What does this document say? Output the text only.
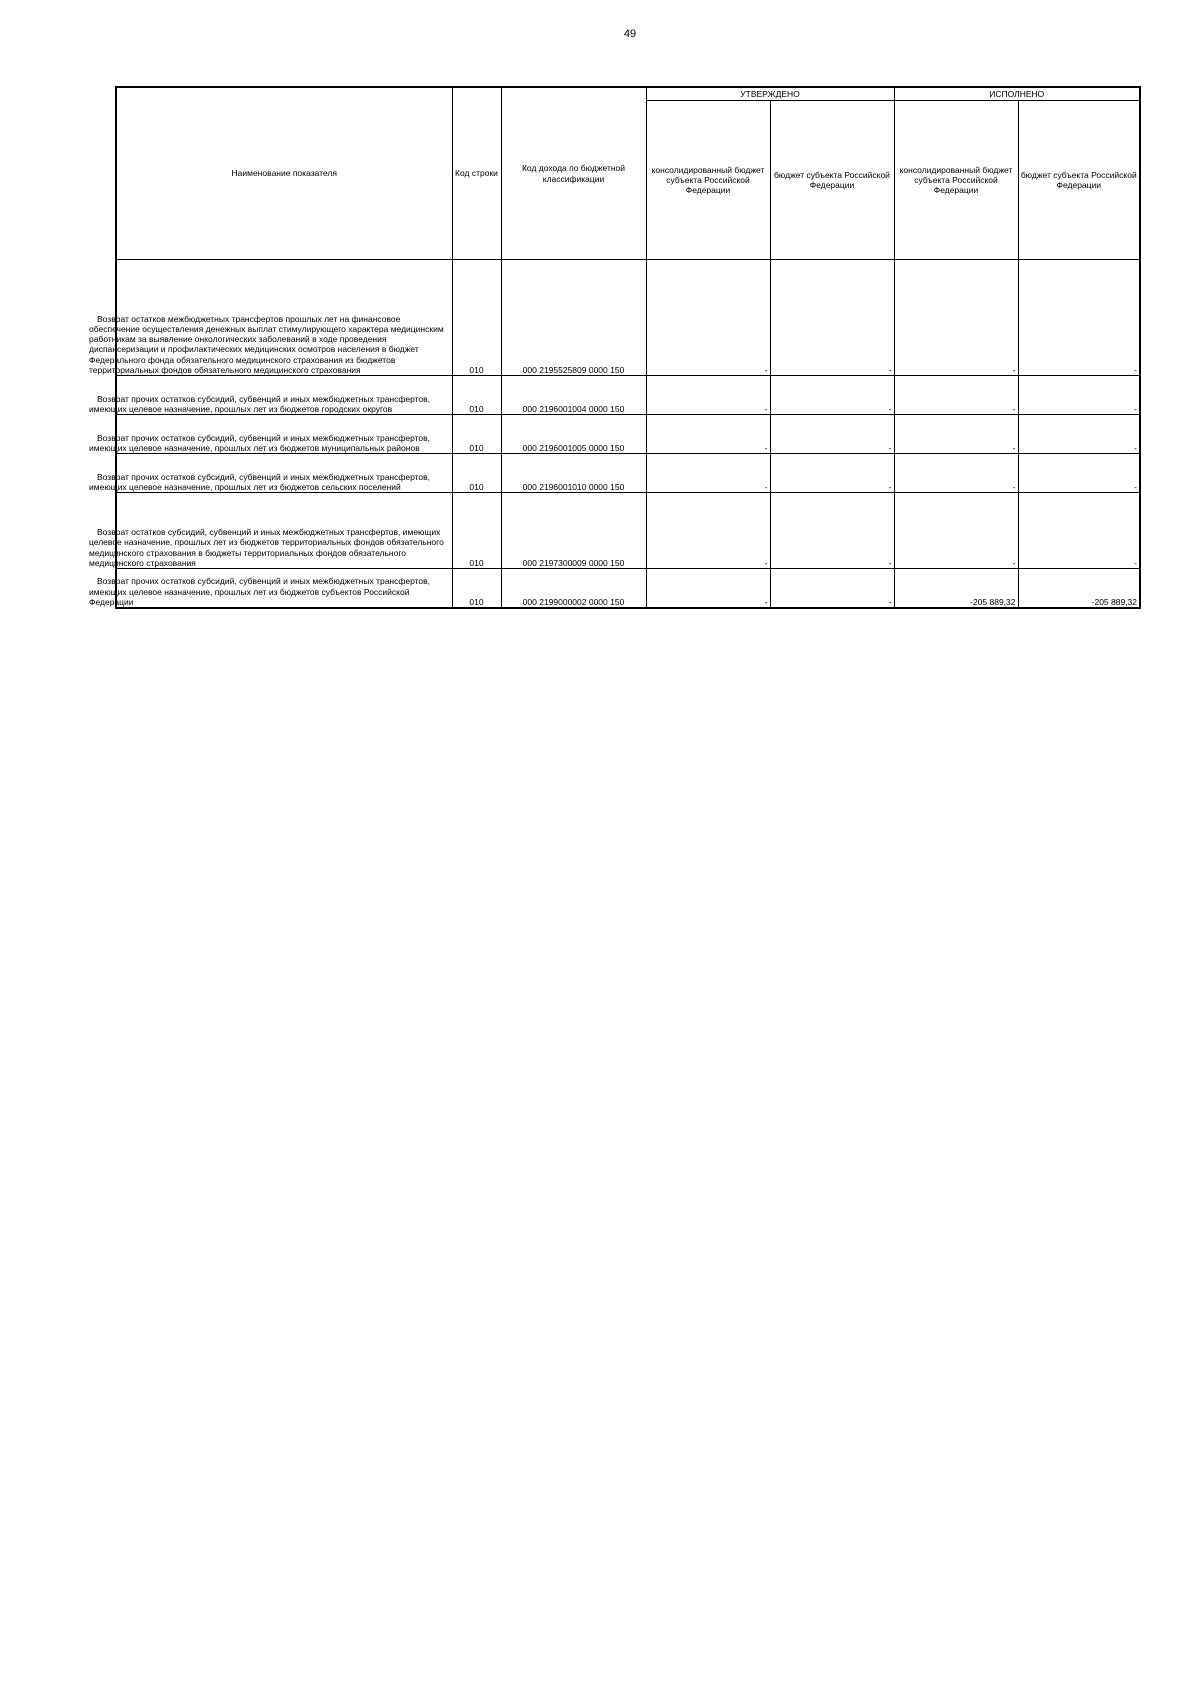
49
Наименование показателя	Код строки	Код дохода по бюджетной классификации	УТВЕРЖДЕНО		ИСПОЛНЕНО	
			консолидированный бюджет субъекта Российской Федерации	бюджет субъекта Российской Федерации	консолидированный бюджет субъекта Российской Федерации	бюджет субъекта Российской Федерации

Возврат остатков межбюджетных трансфертов прошлых лет на финансовое обеспечение осуществления денежных выплат стимулирующего характера медицинским работникам за выявление онкологических заболеваний в ходе проведения диспансеризации и профилактических медицинских осмотров населения в бюджет Федерального фонда обязательного медицинского страхования из бюджетов территориальных фондов обязательного медицинского страхования	010	000 2195525809 0000 150	-	-	-	-

Возврат прочих остатков субсидий, субвенций и иных межбюджетных трансфертов, имеющих целевое назначение, прошлых лет из бюджетов городских округов	010	000 2196001004 0000 150	-	-	-	-

Возврат прочих остатков субсидий, субвенций и иных межбюджетных трансфертов, имеющих целевое назначение, прошлых лет из бюджетов муниципальных районов	010	000 2196001005 0000 150	-	-	-	-

Возврат прочих остатков субсидий, субвенций и иных межбюджетных трансфертов, имеющих целевое назначение, прошлых лет из бюджетов сельских поселений	010	000 2196001010 0000 150	-	-	-	-

Возврат остатков субсидий, субвенций и иных межбюджетных трансфертов, имеющих целевое назначение, прошлых лет из бюджетов территориальных фондов обязательного медицинского страхования в бюджеты территориальных фондов обязательного медицинского страхования	010	000 2197300009 0000 150	-	-	-	-

Возврат прочих остатков субсидий, субвенций и иных межбюджетных трансфертов, имеющих целевое назначение, прошлых лет из бюджетов субъектов Российской Федерации	010	000 2199000002 0000 150	-	-	-205 889,32	-205 889,32
